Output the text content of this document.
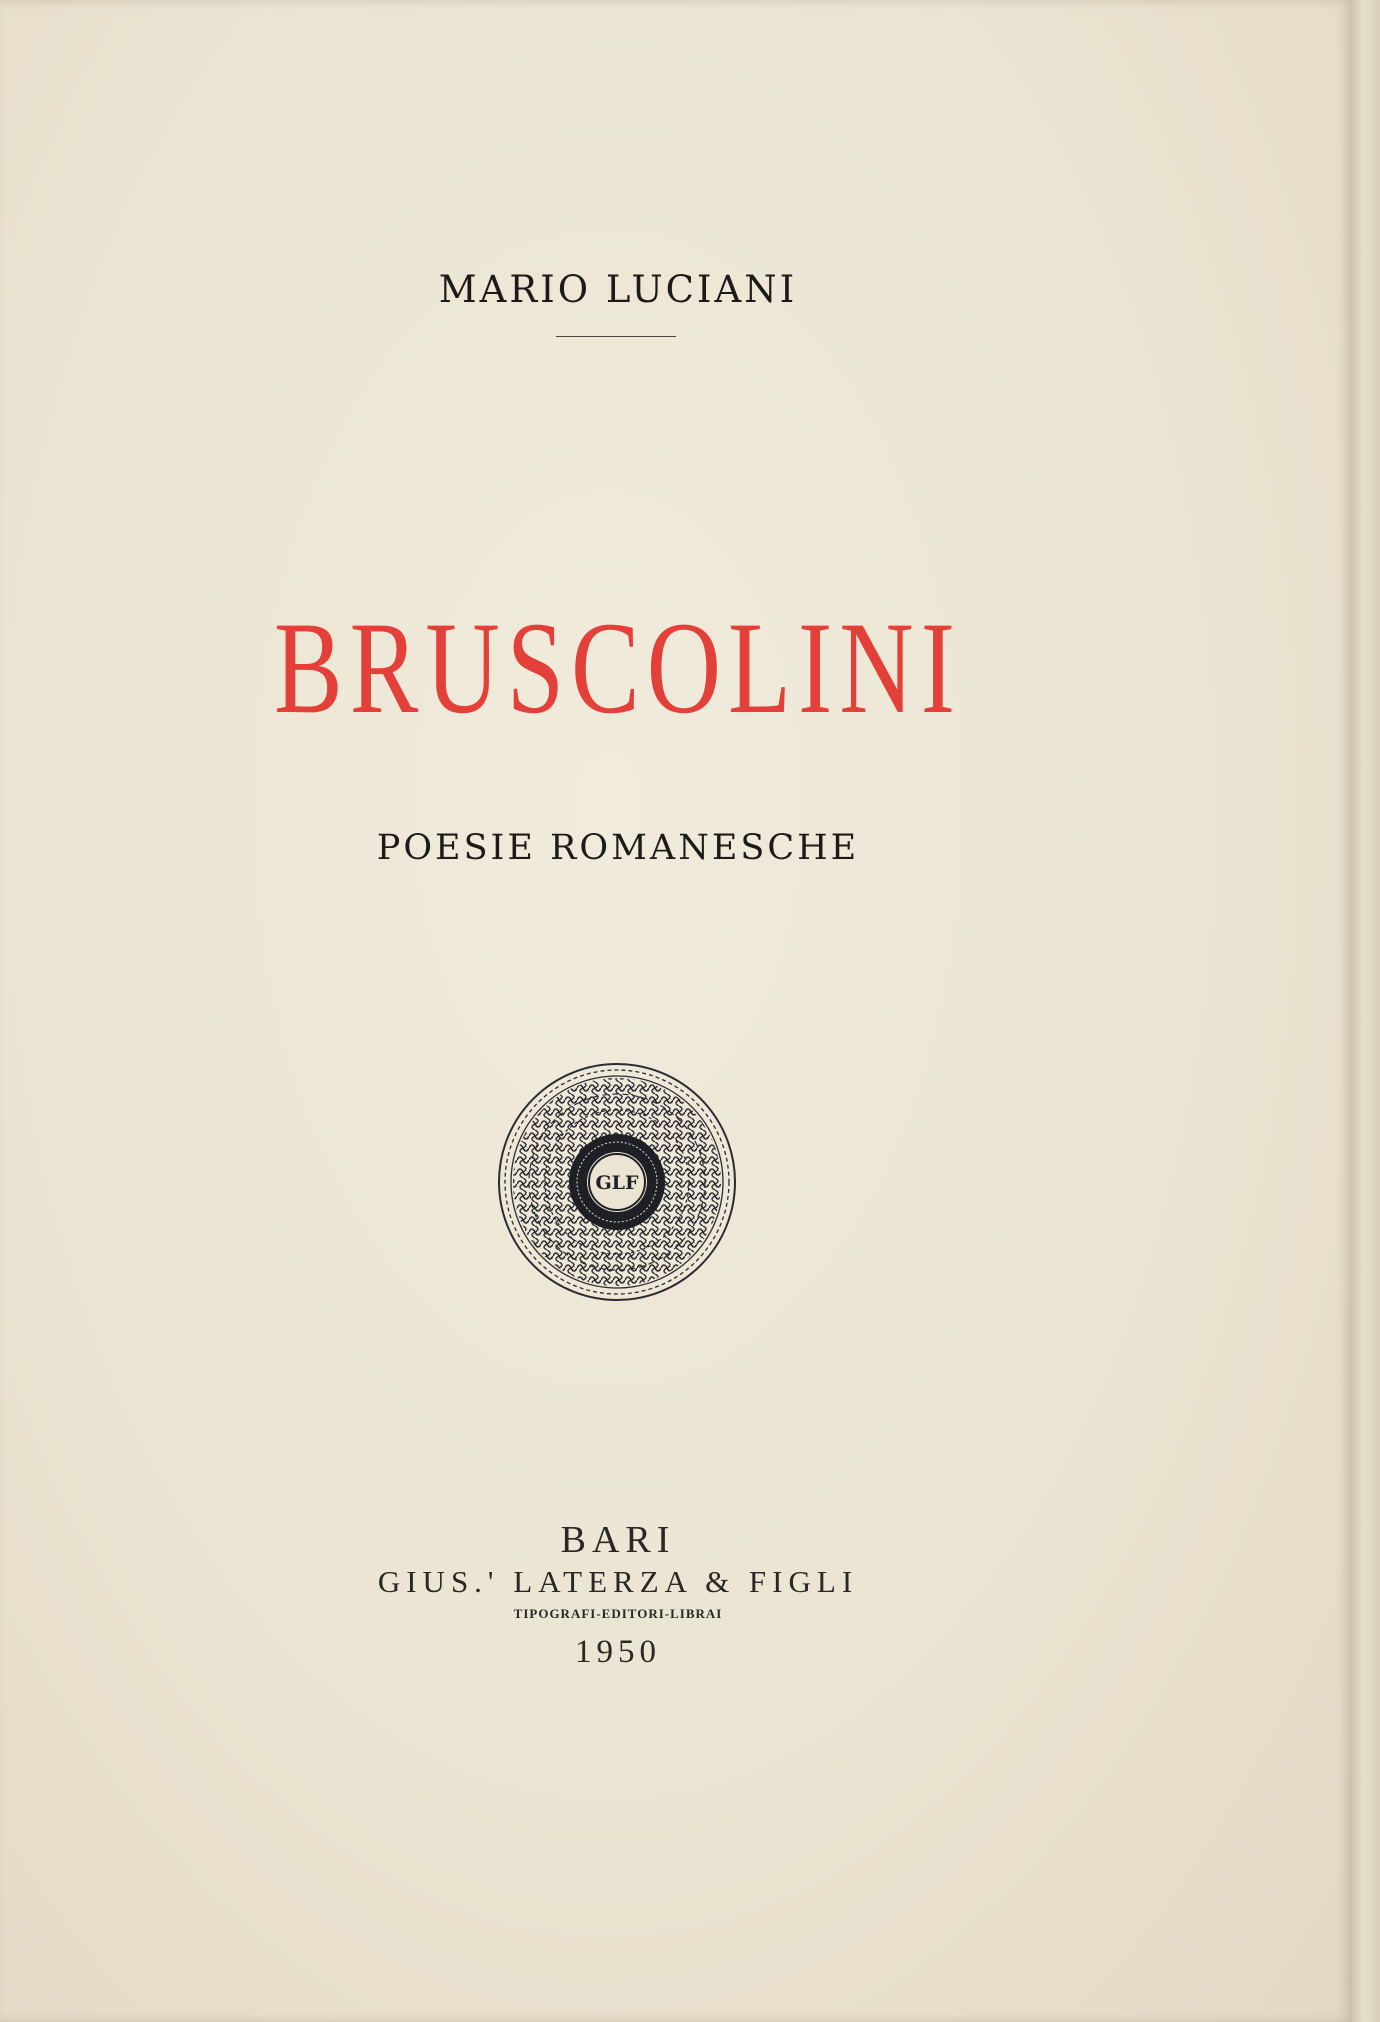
MARIO LUCIANI
BRUSCOLINI
POESIE ROMANESCHE
GLF
BARI
GIUS.' LATERZA & FIGLI
TIPOGRAFI-EDITORI-LIBRAI
1950
